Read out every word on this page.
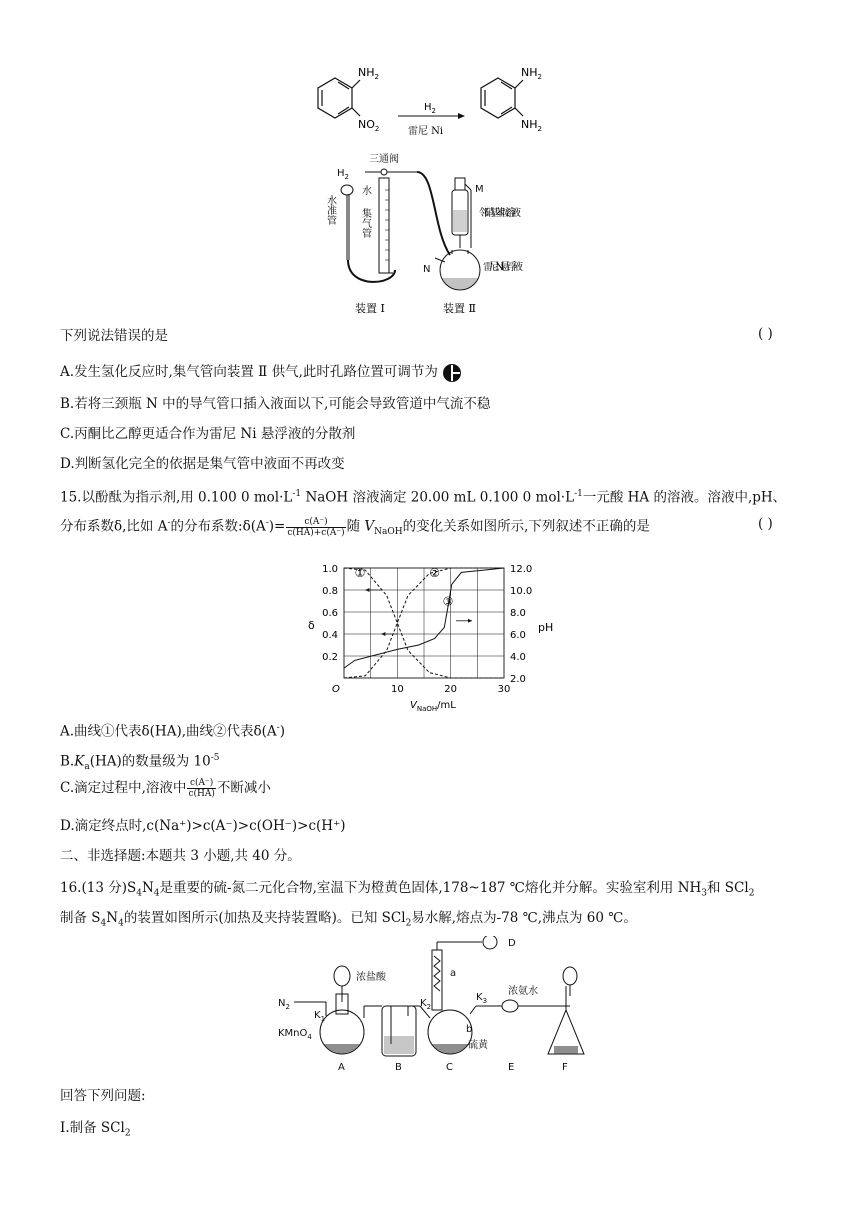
$NH_2$
$NO_2$
$H_2$
雷尼 Ni
$NH_2$
$NH_2$
三通阀
$H_2$
水	M
N
水准管 集气管	邻硝基苯胺溶液
雷尼 Ni悬浮液
装置 Ⅰ	装置 Ⅱ
下列说法错误的是	( )
A.发生氢化反应时,集气管向装置 Ⅱ 供气,此时孔路位置可调节为
B.若将三颈瓶 N 中的导气管口插入液面以下,可能会导致管道中气流不稳
C.丙酮比乙醇更适合作为雷尼 Ni 悬浮液的分散剂
D.判断氢化完全的依据是集气管中液面不再改变
15.以酚酞为指示剂,用 0.100 0 $mol\cdot L^{-1}$ NaOH 溶液滴定 20.00 mL 0.100 0 $mol\cdot L^{-1}$一元酸 HA 的溶液。溶液中,pH、
分布系数δ,比如 A-的分布系数:δ(A-)= $\frac{c(A^-)}{c(HA)+c(A^-)}$ 随 $V_{NaOH}$的变化关系如图所示,下列叙述不正确的是	( )
1.0
0.8
0.6
0.4
0.2
12.0
10.0
8.0
6.0
4.0
2.0
10	20	30
O
δ	pH
$V_{NaOH}/mL$
①	②
③
A.曲线①代表δ(HA),曲线②代表δ(A-)
$B.K_a(HA)$的数量级为 $10^{-5}$
C.滴定过程中,溶液中 $\frac{c(A^-)}{c(HA)}$ 不断减小
D.滴定终点时,c(Na⁺)>c(A⁻)>c(OH⁻)>c(H⁺)
二、非选择题:本题共 3 小题,共 40 分。
16.(13 分)$S_4N_4$是重要的硫-氮二元化合物,室温下为橙黄色固体,178~187 ℃熔化并分解。实验室利用 $NH_3$和 SCl$_2$
制备 $S_4N_4$的装置如图所示(加热及夹持装置略)。已知 SCl$_2$易水解,熔点为-78 ℃,沸点为 60 ℃。
$N_2$
$K_1$
KMnO$_4$
浓盐酸
$K_2$
$K_3$
a
b
硫黄
D
浓氨水
A	B	C	E	F
回答下列问题:
Ⅰ.制备 SCl$_2$
